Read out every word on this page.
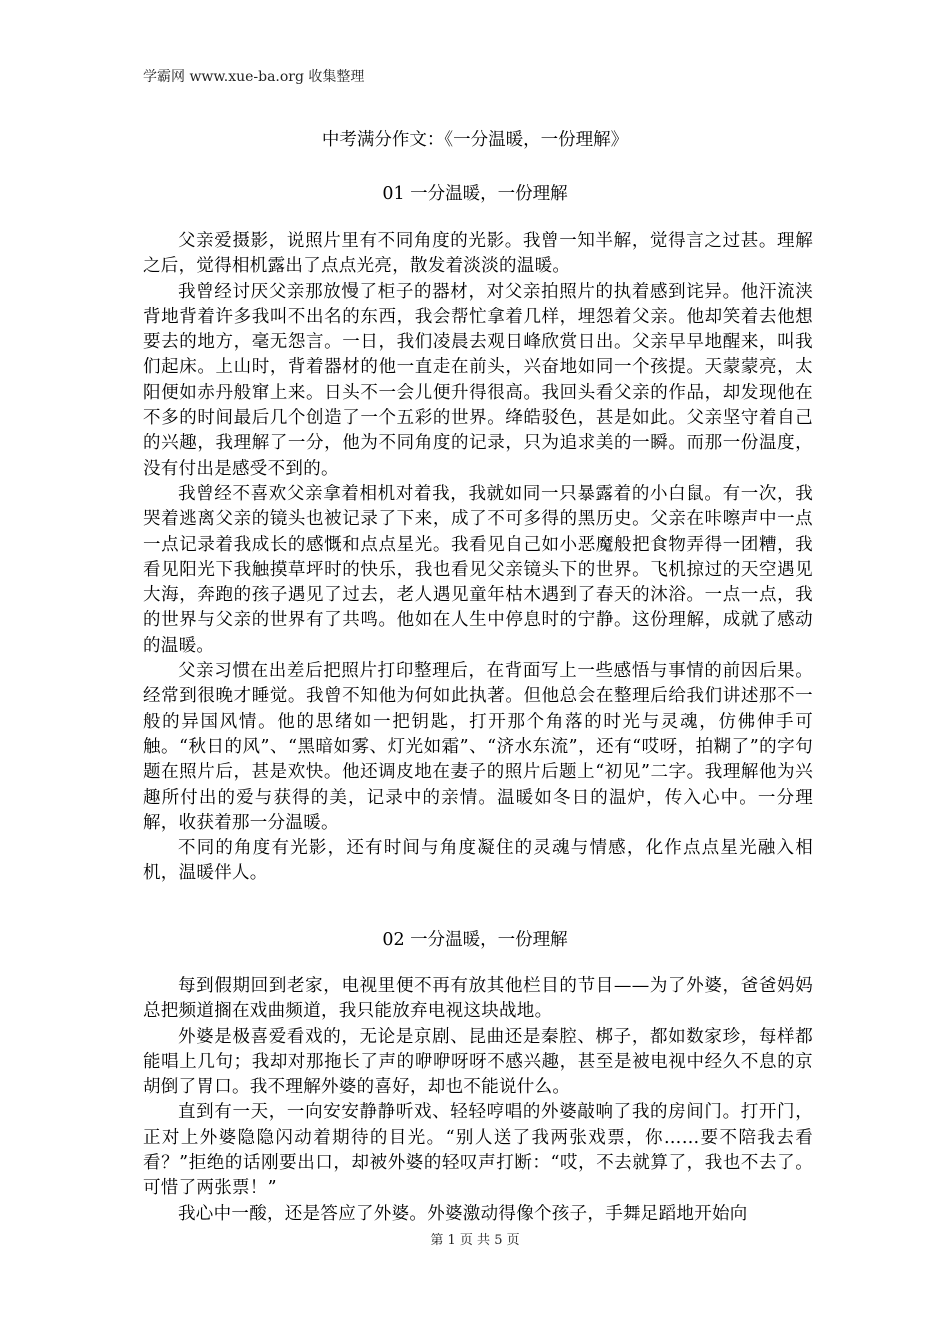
学霸网 www.xue-ba.org 收集整理
中考满分作文：《一分温暖，一份理解》
01 一分温暖，一份理解

父亲爱摄影，说照片里有不同角度的光影。我曾一知半解，觉得言之过甚。理解之后，觉得相机露出了点点光亮，散发着淡淡的温暖。

我曾经讨厌父亲那放慢了柜子的器材，对父亲拍照片的执着感到诧异。他汗流浃背地背着许多我叫不出名的东西，我会帮忙拿着几样，埋怨着父亲。他却笑着去他想要去的地方，毫无怨言。一日，我们凌晨去观日峰欣赏日出。父亲早早地醒来，叫我们起床。上山时，背着器材的他一直走在前头，兴奋地如同一个孩提。天蒙蒙亮，太阳便如赤丹般窜上来。日头不一会儿便升得很高。我回头看父亲的作品，却发现他在不多的时间最后几个创造了一个五彩的世界。绛皓驳色，甚是如此。父亲坚守着自己的兴趣，我理解了一分，他为不同角度的记录，只为追求美的一瞬。而那一份温度，没有付出是感受不到的。

我曾经不喜欢父亲拿着相机对着我，我就如同一只暴露着的小白鼠。有一次，我哭着逃离父亲的镜头也被记录了下来，成了不可多得的黑历史。父亲在咔嚓声中一点一点记录着我成长的感慨和点点星光。我看见自己如小恶魔般把食物弄得一团糟，我看见阳光下我触摸草坪时的快乐，我也看见父亲镜头下的世界。飞机掠过的天空遇见大海，奔跑的孩子遇见了过去，老人遇见童年枯木遇到了春天的沐浴。一点一点，我的世界与父亲的世界有了共鸣。他如在人生中停息时的宁静。这份理解，成就了感动的温暖。

父亲习惯在出差后把照片打印整理后，在背面写上一些感悟与事情的前因后果。经常到很晚才睡觉。我曾不知他为何如此执著。但他总会在整理后给我们讲述那不一般的异国风情。他的思绪如一把钥匙，打开那个角落的时光与灵魂，仿佛伸手可触。“秋日的风”、“黑暗如雾、灯光如霜”、“济水东流”，还有“哎呀，拍糊了”的字句题在照片后，甚是欢快。他还调皮地在妻子的照片后题上“初见”二字。我理解他为兴趣所付出的爱与获得的美，记录中的亲情。温暖如冬日的温炉，传入心中。一分理解，收获着那一分温暖。

不同的角度有光影，还有时间与角度凝住的灵魂与情感，化作点点星光融入相机，温暖伴人。

02 一分温暖，一份理解

每到假期回到老家，电视里便不再有放其他栏目的节目——为了外婆，爸爸妈妈总把频道搁在戏曲频道，我只能放弃电视这块战地。

外婆是极喜爱看戏的，无论是京剧、昆曲还是秦腔、梆子，都如数家珍，每样都能唱上几句；我却对那拖长了声的咿咿呀呀不感兴趣，甚至是被电视中经久不息的京胡倒了胃口。我不理解外婆的喜好，却也不能说什么。

直到有一天，一向安安静静听戏、轻轻哼唱的外婆敲响了我的房间门。打开门，正对上外婆隐隐闪动着期待的目光。“别人送了我两张戏票，你……要不陪我去看看？”拒绝的话刚要出口，却被外婆的轻叹声打断：“哎，不去就算了，我也不去了。可惜了两张票！”

我心中一酸，还是答应了外婆。外婆激动得像个孩子，手舞足蹈地开始向

第 1 页 共 5 页
